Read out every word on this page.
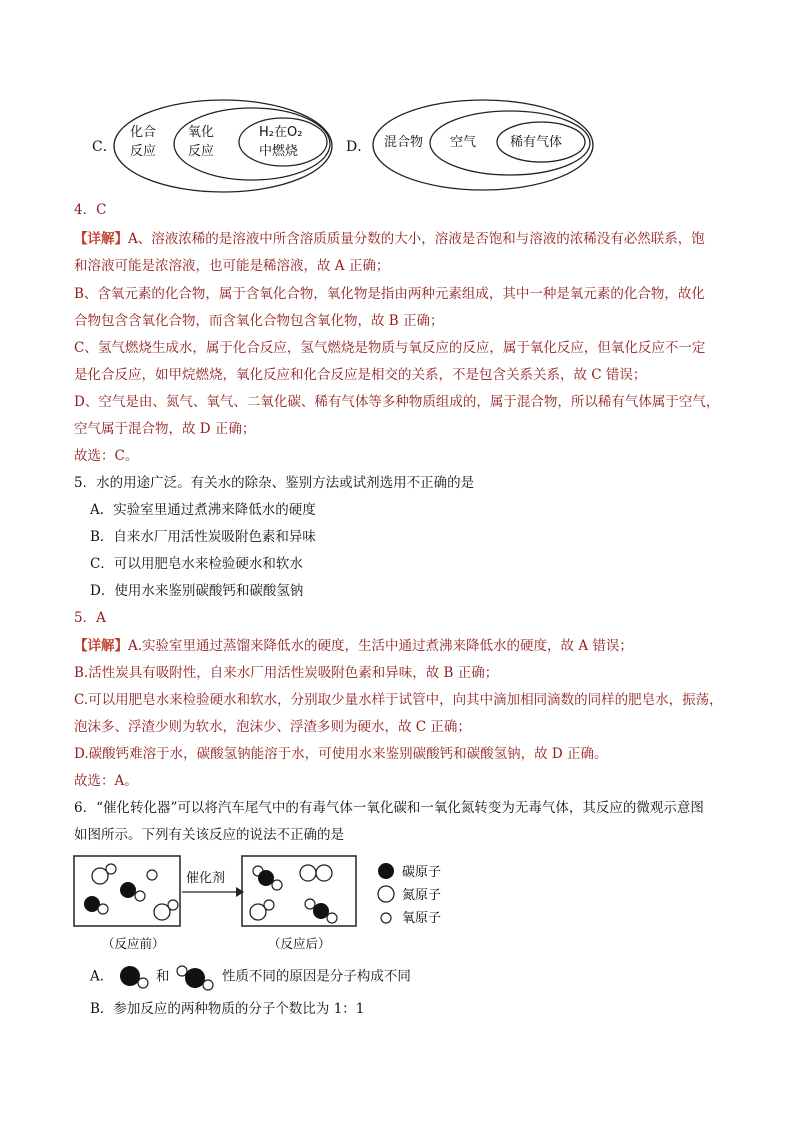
C．
化合
反应
氧化
反应
H₂在O₂
中燃烧	D． 混合物 空气	稀有气体
4．C
【详解】A、溶液浓稀的是溶液中所含溶质质量分数的大小，溶液是否饱和与溶液的浓稀没有必然联系，饱
和溶液可能是浓溶液，也可能是稀溶液，故 A 正确；
B、含氧元素的化合物，属于含氧化合物，氧化物是指由两种元素组成，其中一种是氧元素的化合物，故化
合物包含含氧化合物，而含氧化合物包含氧化物，故 B 正确；
C、氢气燃烧生成水，属于化合反应，氢气燃烧是物质与氧反应的反应，属于氧化反应，但氧化反应不一定
是化合反应，如甲烷燃烧，氧化反应和化合反应是相交的关系，不是包含关系关系，故 C 错误；
D、空气是由、氮气、氧气、二氧化碳、稀有气体等多种物质组成的，属于混合物，所以稀有气体属于空气，
空气属于混合物，故 D 正确；
故选：C。
5．水的用途广泛。有关水的除杂、鉴别方法或试剂选用不正确的是
A．实验室里通过煮沸来降低水的硬度
B．自来水厂用活性炭吸附色素和异味
C．可以用肥皂水来检验硬水和软水
D．使用水来鉴别碳酸钙和碳酸氢钠
5．A
【详解】A.实验室里通过蒸馏来降低水的硬度，生活中通过煮沸来降低水的硬度，故 A 错误；
B.活性炭具有吸附性，自来水厂用活性炭吸附色素和异味，故 B 正确；
C.可以用肥皂水来检验硬水和软水，分别取少量水样于试管中，向其中滴加相同滴数的同样的肥皂水，振荡，
泡沫多、浮渣少则为软水，泡沫少、浮渣多则为硬水，故 C 正确；
D.碳酸钙难溶于水，碳酸氢钠能溶于水，可使用水来鉴别碳酸钙和碳酸氢钠，故 D 正确。
故选：A。
6．“催化转化器”可以将汽车尾气中的有毒气体一氧化碳和一氧化氮转变为无毒气体，其反应的微观示意图
如图所示。下列有关该反应的说法不正确的是
催化剂
（反应前）	（反应后）
碳原子
氮原子
氧原子
A．	和	性质不同的原因是分子构成不同
B．参加反应的两种物质的分子个数比为 1：1
